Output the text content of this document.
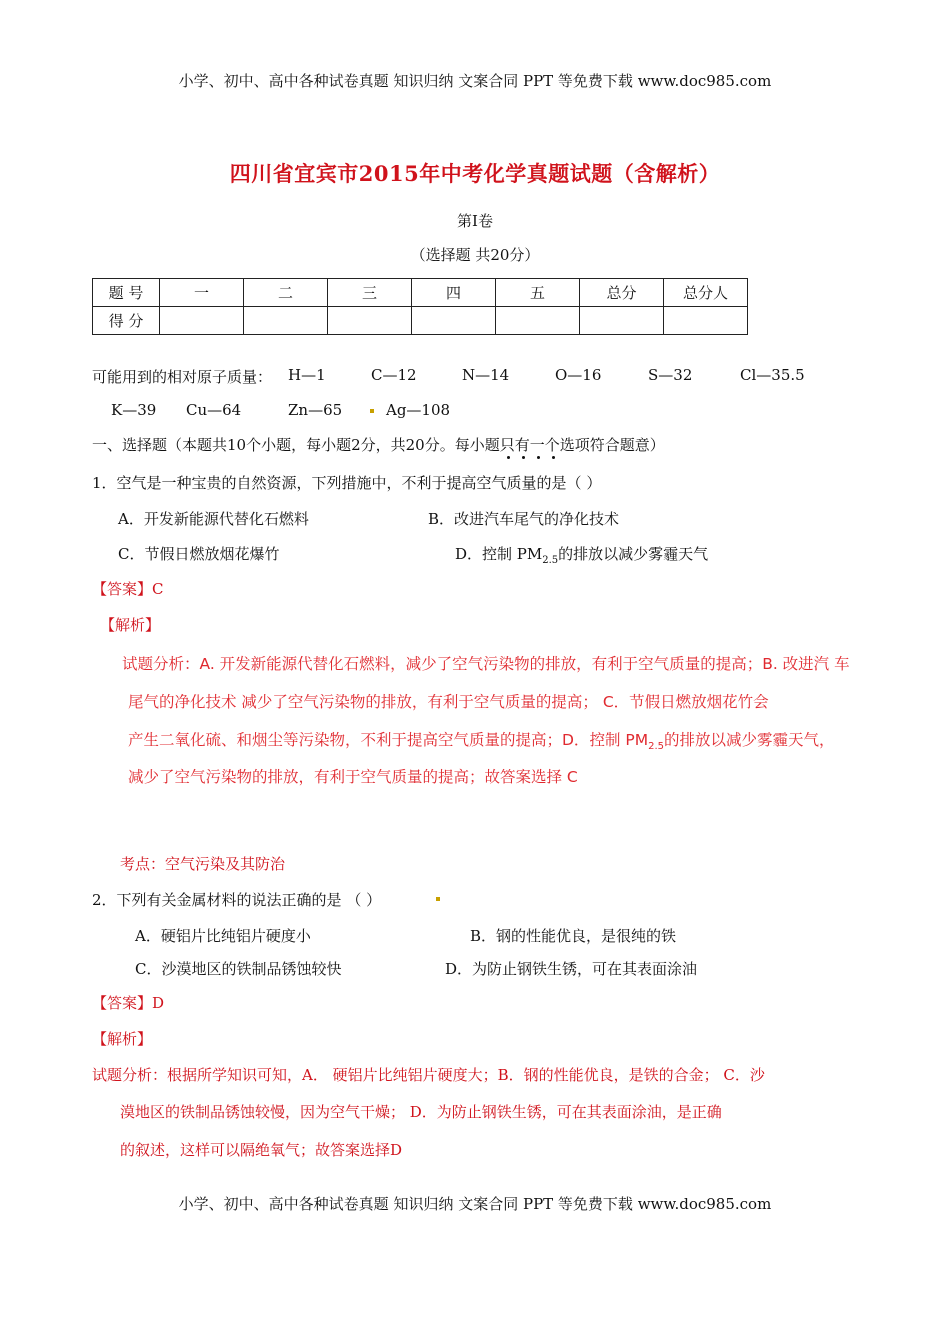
小学、初中、高中各种试卷真题 知识归纳 文案合同 PPT 等免费下载 www.doc985.com
四川省宜宾市2015年中考化学真题试题（含解析）
第Ⅰ卷
（选择题 共20分）
题 号	一	二	三	四	五	总分	总分人
得 分							
可能用到的相对原子质量： H—1	C—12	N—14	O—16	S—32	Cl—35.5
K—39 Cu—64	Zn—65	Ag—108
一、选择题（本题共10个小题，每小题2分，共20分。每小题只有一个选项符合题意）
1．空气是一种宝贵的自然资源，下列措施中，不利于提高空气质量的是（ ）
A．开发新能源代替化石燃料	B．改进汽车尾气的净化技术
C．节假日燃放烟花爆竹	D．控制 $PM_{2.5}$的排放以减少雾霾天气
【答案】C
【解析】
试题分析：A. 开发新能源代替化石燃料，减少了空气污染物的排放，有利于空气质量的提高；B. 改进汽 车
尾气的净化技术 减少了空气污染物的排放，有利于空气质量的提高； C．节假日燃放烟花竹会
产生二氧化硫、和烟尘等污染物，不利于提高空气质量的提高；D．控制 $PM_{2.5}$的排放以减少雾霾天气，
减少了空气污染物的排放，有利于空气质量的提高；故答案选择 C
考点：空气污染及其防治
2．下列有关金属材料的说法正确的是 （ ）
A．硬铝片比纯铝片硬度小	B．钢的性能优良，是很纯的铁
C．沙漠地区的铁制品锈蚀较快	D．为防止钢铁生锈，可在其表面涂油
【答案】D
【解析】
试题分析：根据所学知识可知，A． 硬铝片比纯铝片硬度大；B．钢的性能优良，是铁的合金； C．沙
漠地区的铁制品锈蚀较慢，因为空气干燥； D．为防止钢铁生锈，可在其表面涂油，是正确
的叙述，这样可以隔绝氧气；故答案选择D
小学、初中、高中各种试卷真题 知识归纳 文案合同 PPT 等免费下载 www.doc985.com
